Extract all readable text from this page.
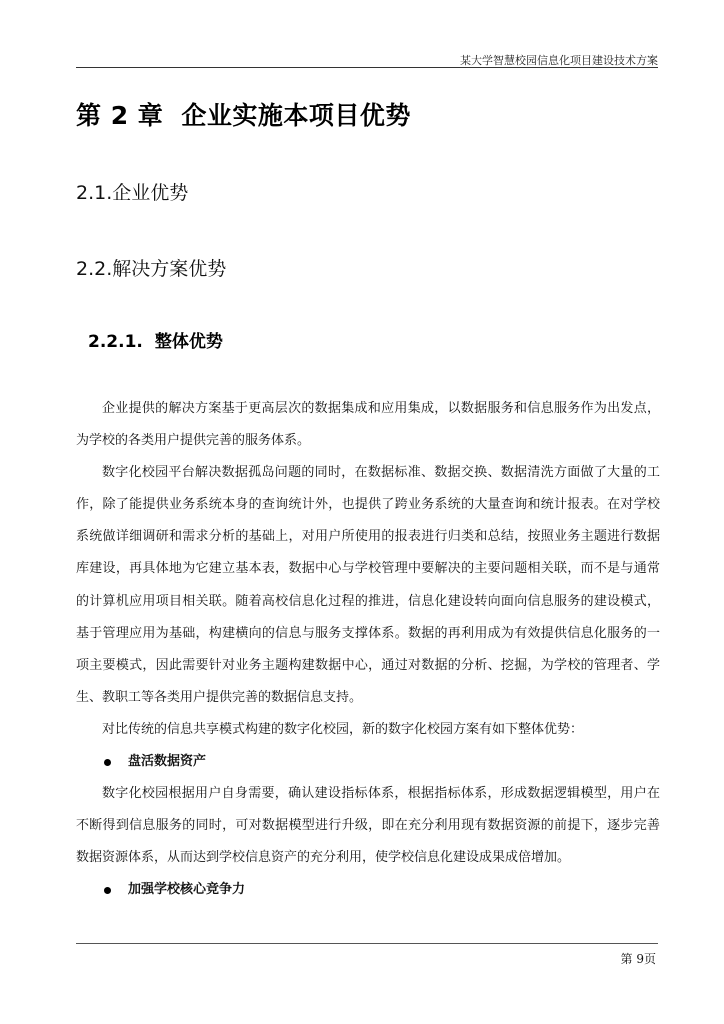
某大学智慧校园信息化项目建设技术方案
第 2 章 企业实施本项目优势
2.1.企业优势
2.2.解决方案优势
2.2.1. 整体优势

企业提供的解决方案基于更高层次的数据集成和应用集成，以数据服务和信息服务作为出发点，为学校的各类用户提供完善的服务体系。

数字化校园平台解决数据孤岛问题的同时，在数据标准、数据交换、数据清洗方面做了大量的工作，除了能提供业务系统本身的查询统计外，也提供了跨业务系统的大量查询和统计报表。在对学校系统做详细调研和需求分析的基础上，对用户所使用的报表进行归类和总结，按照业务主题进行数据库建设，再具体地为它建立基本表，数据中心与学校管理中要解决的主要问题相关联，而不是与通常的计算机应用项目相关联。随着高校信息化过程的推进，信息化建设转向面向信息服务的建设模式，基于管理应用为基础，构建横向的信息与服务支撑体系。数据的再利用成为有效提供信息化服务的一项主要模式，因此需要针对业务主题构建数据中心，通过对数据的分析、挖掘，为学校的管理者、学生、教职工等各类用户提供完善的数据信息支持。

对比传统的信息共享模式构建的数字化校园，新的数字化校园方案有如下整体优势：

盘活数据资产

数字化校园根据用户自身需要，确认建设指标体系，根据指标体系，形成数据逻辑模型，用户在不断得到信息服务的同时，可对数据模型进行升级，即在充分利用现有数据资源的前提下，逐步完善数据资源体系，从而达到学校信息资产的充分利用，使学校信息化建设成果成倍增加。

加强学校核心竞争力

第 9页
